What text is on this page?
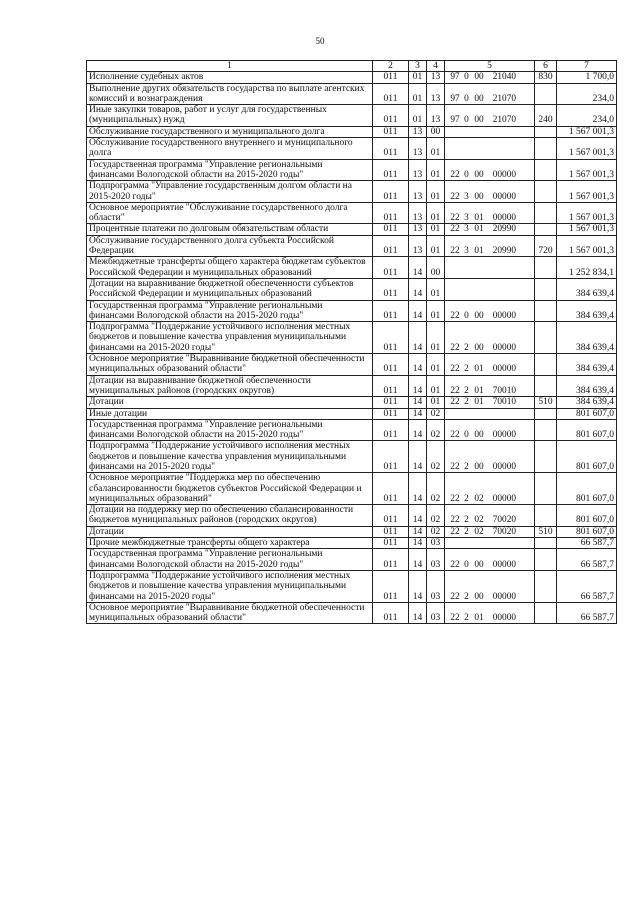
50
1	2	3	4	5	6	7
Исполнение судебных актов	011	01	13	97 0 00 21040	830	1 700,0
Выполнение других обязательств государства по выплате агентских комиссий и вознаграждения	011	01	13	97 0 00 21070		234,0
Иные закупки товаров, работ и услуг для государственных (муниципальных) нужд	011	01	13	97 0 00 21070	240	234,0
Обслуживание государственного и муниципального долга	011	13	00			1 567 001,3
Обслуживание государственного внутреннего и муниципального долга	011	13	01			1 567 001,3
Государственная программа "Управление региональными финансами Вологодской области на 2015-2020 годы"	011	13	01	22 0 00 00000		1 567 001,3
Подпрограмма "Управление государственным долгом области на 2015-2020 годы"	011	13	01	22 3 00 00000		1 567 001,3
Основное мероприятие "Обслуживание государственного долга области"	011	13	01	22 3 01 00000		1 567 001,3
Процентные платежи по долговым обязательствам области	011	13	01	22 3 01 20990		1 567 001,3
Обслуживание государственного долга субъекта Российской Федерации	011	13	01	22 3 01 20990	720	1 567 001,3
Межбюджетные трансферты общего характера бюджетам субъектов Российской Федерации и муниципальных образований	011	14	00			1 252 834,1
Дотации на выравнивание бюджетной обеспеченности субъектов Российской Федерации и муниципальных образований	011	14	01			384 639,4
Государственная программа "Управление региональными финансами Вологодской области на 2015-2020 годы"	011	14	01	22 0 00 00000		384 639,4
Подпрограмма "Поддержание устойчивого исполнения местных бюджетов и повышение качества управления муниципальными финансами на 2015-2020 годы"	011	14	01	22 2 00 00000		384 639,4
Основное мероприятие "Выравнивание бюджетной обеспеченности муниципальных образований области"	011	14	01	22 2 01 00000		384 639,4
Дотации на выравнивание бюджетной обеспеченности муниципальных районов (городских округов)	011	14	01	22 2 01 70010		384 639,4
Дотации	011	14	01	22 2 01 70010	510	384 639,4
Иные дотации	011	14	02			801 607,0
Государственная программа "Управление региональными финансами Вологодской области на 2015-2020 годы"	011	14	02	22 0 00 00000		801 607,0
Подпрограмма "Поддержание устойчивого исполнения местных бюджетов и повышение качества управления муниципальными финансами на 2015-2020 годы"	011	14	02	22 2 00 00000		801 607,0
Основное мероприятие "Поддержка мер по обеспечению сбалансированности бюджетов субъектов Российской Федерации и муниципальных образований"	011	14	02	22 2 02 00000		801 607,0
Дотации на поддержку мер по обеспечению сбалансированности бюджетов муниципальных районов (городских округов)	011	14	02	22 2 02 70020		801 607,0
Дотации	011	14	02	22 2 02 70020	510	801 607,0
Прочие межбюджетные трансферты общего характера	011	14	03			66 587,7
Государственная программа "Управление региональными финансами Вологодской области на 2015-2020 годы"	011	14	03	22 0 00 00000		66 587,7
Подпрограмма "Поддержание устойчивого исполнения местных бюджетов и повышение качества управления муниципальными финансами на 2015-2020 годы"	011	14	03	22 2 00 00000		66 587,7
Основное мероприятие "Выравнивание бюджетной обеспеченности муниципальных образований области"	011	14	03	22 2 01 00000		66 587,7
